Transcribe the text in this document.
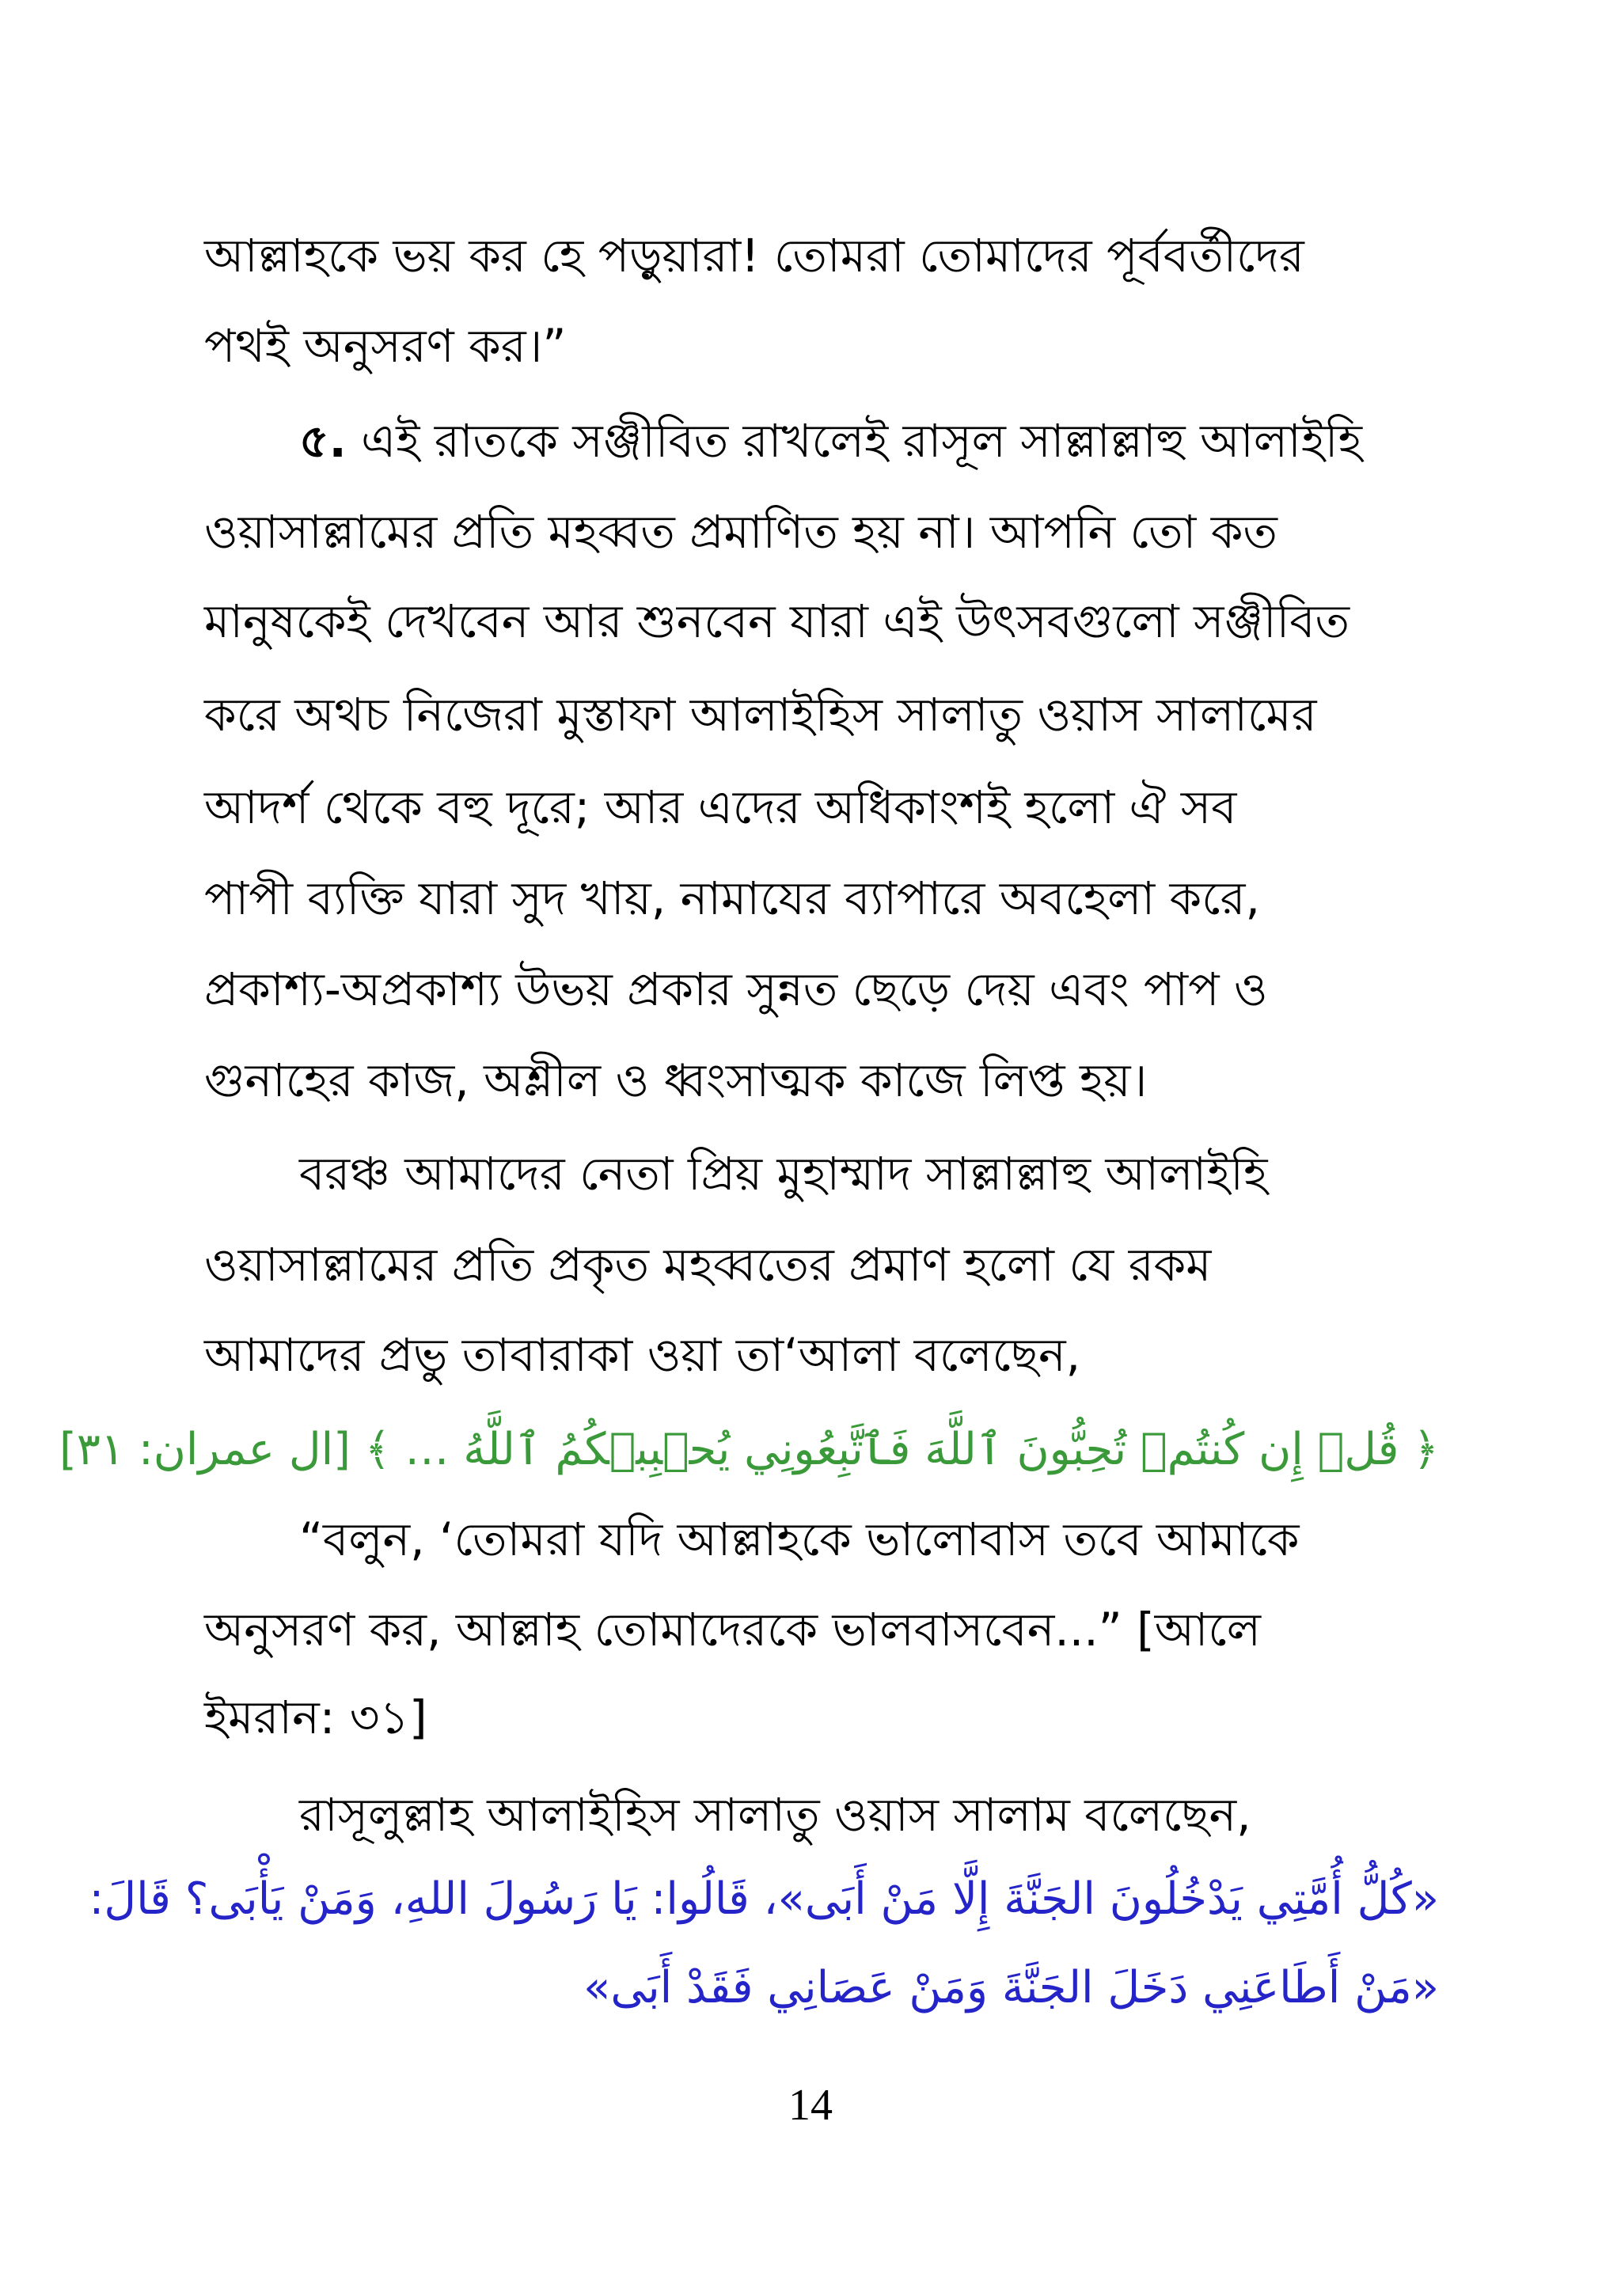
আল্লাহকে ভয় কর হে পড়ুয়ারা! তোমরা তোমাদের পূর্ববর্তীদের
পথই অনুসরণ কর।”
৫. এই রাতকে সঞ্জীবিত রাখলেই রাসূল সাল্লাল্লাহু আলাইহি
ওয়াসাল্লামের প্রতি মহব্বত প্রমাণিত হয় না। আপনি তো কত
মানুষকেই দেখবেন আর শুনবেন যারা এই উৎসবগুলো সঞ্জীবিত
করে অথচ নিজেরা মুস্তাফা আলাইহিস সালাতু ওয়াস সালামের
আদর্শ থেকে বহু দূরে; আর এদের অধিকাংশই হলো ঐ সব
পাপী ব্যক্তি যারা সুদ খায়, নামাযের ব্যাপারে অবহেলা করে,
প্রকাশ্য-অপ্রকাশ্য উভয় প্রকার সুন্নত ছেড়ে দেয় এবং পাপ ও
গুনাহের কাজ, অশ্লীল ও ধ্বংসাত্মক কাজে লিপ্ত হয়।
বরঞ্চ আমাদের নেতা প্রিয় মুহাম্মাদ সাল্লাল্লাহু আলাইহি
ওয়াসাল্লামের প্রতি প্রকৃত মহব্বতের প্রমাণ হলো যে রকম
আমাদের প্রভু তাবারাকা ওয়া তা‘আলা বলেছেন,
﴿ قُلۡ إِن كُنتُمۡ تُحِبُّونَ ٱللَّهَ فَٱتَّبِعُونِي يُحۡبِبۡكُمُ ٱللَّهُ … ﴾ [ال عمران: ٣١]
“বলুন, ‘তোমরা যদি আল্লাহকে ভালোবাস তবে আমাকে
অনুসরণ কর, আল্লাহ তোমাদেরকে ভালবাসবেন...” [আলে
ইমরান: ৩১]
রাসূলুল্লাহ আলাইহিস সালাতু ওয়াস সালাম বলেছেন,
«كُلُّ أُمَّتِي يَدْخُلُونَ الجَنَّةَ إِلَّا مَنْ أَبَى»، قَالُوا: يَا رَسُولَ اللهِ، وَمَنْ يَأْبَى؟ قَالَ:
«مَنْ أَطَاعَنِي دَخَلَ الجَنَّةَ وَمَنْ عَصَانِي فَقَدْ أَبَى»
14
